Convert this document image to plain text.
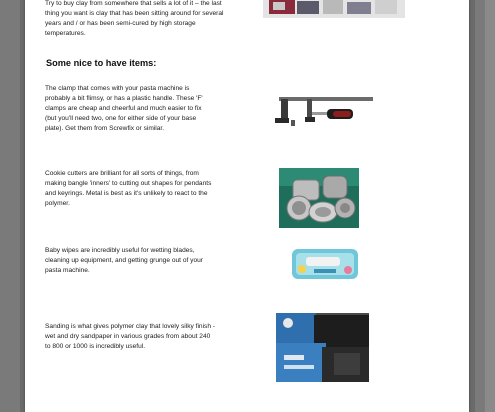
Try to buy clay from somewhere that sells a lot of it – the last
thing you want is clay that has been sitting around for several
years and / or has been semi-cured by high storage
temperatures.
Some nice to have items:
The clamp that comes with your pasta machine is
probably a bit flimsy, or has a plastic handle. These 'F'
clamps are cheap and cheerful and much easier to fix
(but you'll need two, one for either side of your base
plate). Get them from Screwfix or similar.
Cookie cutters are brilliant for all sorts of things, from
making bangle 'inners' to cutting out shapes for pendants
and keyrings. Metal is best as it's unlikely to react to the
polymer.
Baby wipes are incredibly useful for wetting blades,
cleaning up equipment, and getting grunge out of your
pasta machine.
Sanding is what gives polymer clay that lovely silky finish -
wet and dry sandpaper in various grades from about 240
to 800 or 1000 is incredibly useful.
